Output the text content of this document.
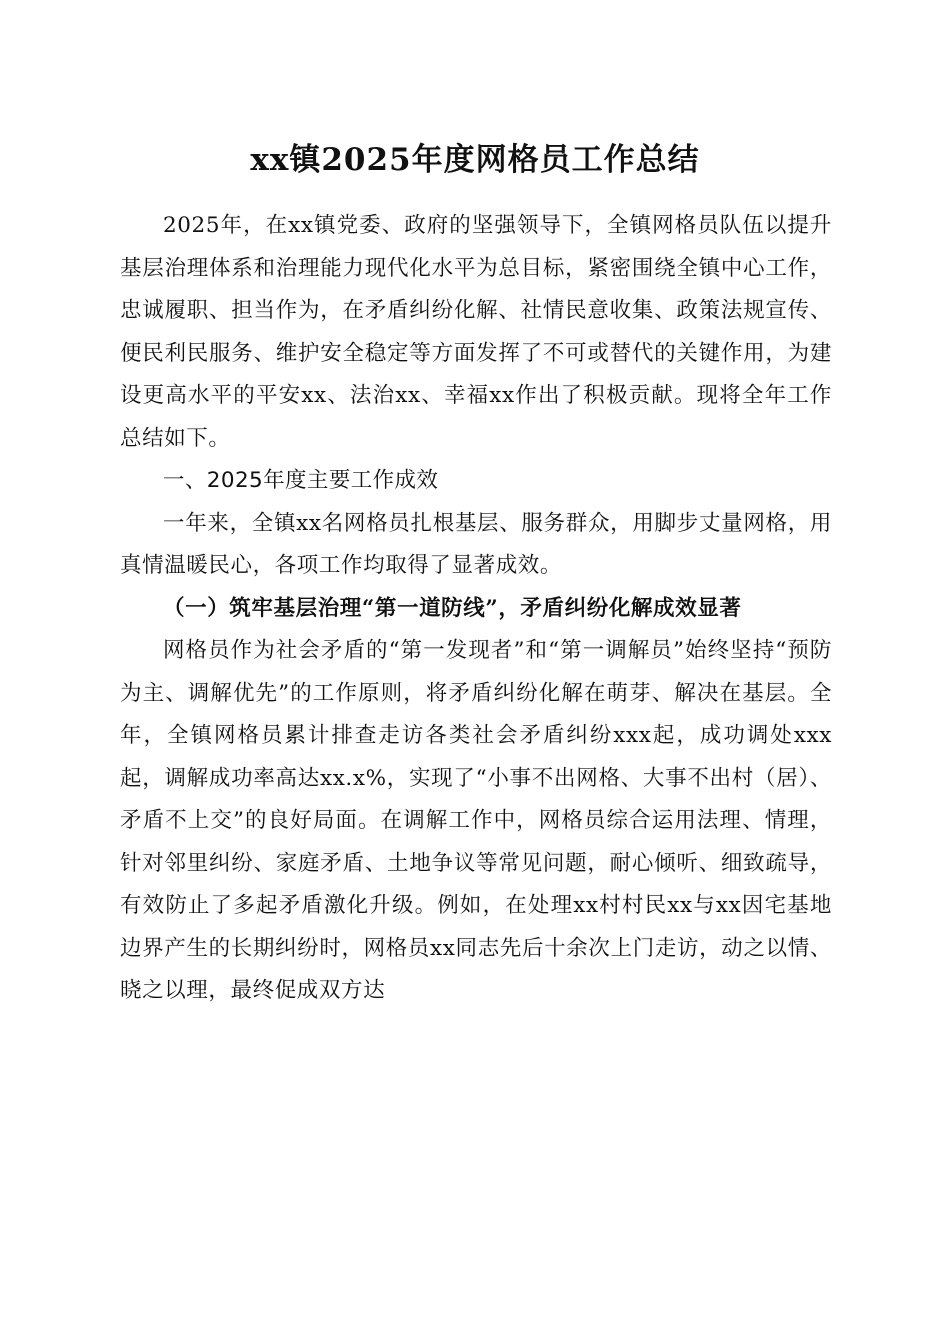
xx镇2025年度网格员工作总结

2025年，在xx镇党委、政府的坚强领导下，全镇网格员队伍以提升基层治理体系和治理能力现代化水平为总目标，紧密围绕全镇中心工作，忠诚履职、担当作为，在矛盾纠纷化解、社情民意收集、政策法规宣传、便民利民服务、维护安全稳定等方面发挥了不可或替代的关键作用，为建设更高水平的平安xx、法治xx、幸福xx作出了积极贡献。现将全年工作总结如下。

一、2025年度主要工作成效

一年来，全镇xx名网格员扎根基层、服务群众，用脚步丈量网格，用真情温暖民心，各项工作均取得了显著成效。

（一）筑牢基层治理“第一道防线”，矛盾纠纷化解成效显著

网格员作为社会矛盾的“第一发现者”和“第一调解员”始终坚持“预防为主、调解优先”的工作原则，将矛盾纠纷化解在萌芽、解决在基层。全年，全镇网格员累计排查走访各类社会矛盾纠纷xxx起，成功调处xxx起，调解成功率高达xx.x%，实现了“小事不出网格、大事不出村（居）、矛盾不上交”的良好局面。在调解工作中，网格员综合运用法理、情理，针对邻里纠纷、家庭矛盾、土地争议等常见问题，耐心倾听、细致疏导，有效防止了多起矛盾激化升级。例如，在处理xx村村民xx与xx因宅基地边界产生的长期纠纷时，网格员xx同志先后十余次上门走访，动之以情、晓之以理，最终促成双方达
